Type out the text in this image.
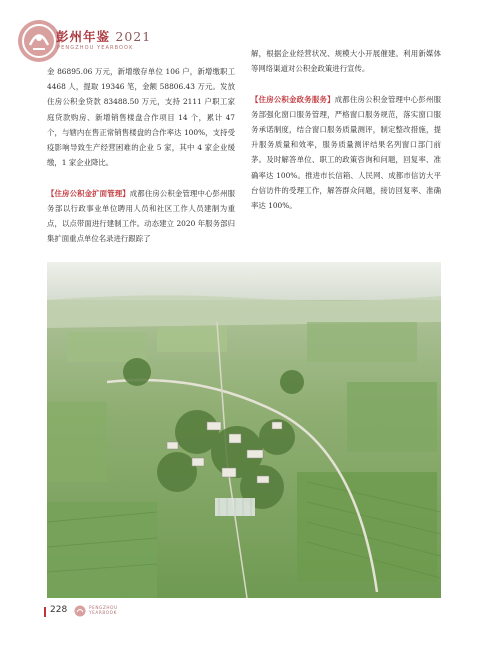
彭州年鉴 2021
PENGZHOU YEARBOOK

金 86895.06 万元，新增缴存单位 106 户，新增缴职工 4468 人，提取 19346 笔，金额 58806.43 万元。发放住房公积金贷款 83488.50 万元，支持 2111 户职工家庭贷款购房、新增销售楼盘合作项目 14 个，累计 47 个，与辖内在售正常销售楼盘的合作率达 100%，支持受疫影响导致生产经营困难的企业 5 家，其中 4 家企业缓缴，1 家企业降比。

【住房公积金扩面管理】成都住房公积金管理中心彭州服务部以行政事业单位聘用人员和社区工作人员建制为重点，以点带面进行建制工作。动态建立 2020 年服务部归集扩面重点单位名录进行跟踪了

解，根据企业经营状况、规模大小开展催建。利用新媒体等网络渠道对公积金政策进行宣传。

【住房公积金政务服务】成都住房公积金管理中心彭州服务部强化窗口服务管理，严格窗口服务规范，落实窗口服务承诺制度，结合窗口服务质量测评，制定整改措施，提升服务质量和效率，服务质量测评结果名列窗口部门前茅。及时解答单位、职工的政策咨询和问题，回复率、准确率达 100%。推进市长信箱、人民网、成都市信访大平台信访件的受理工作，解答群众问题，接访回复率、准确率达 100%。

228	PENGZHOU
YEARBOOK
